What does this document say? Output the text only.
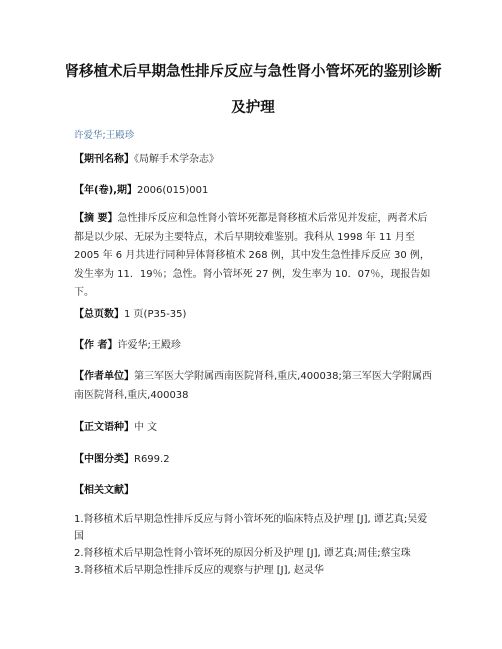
肾移植术后早期急性排斥反应与急性肾小管坏死的鉴别诊断及护理
许爱华;王殿珍
【期刊名称】《局解手术学杂志》
【年(卷),期】2006(015)001
【摘 要】急性排斥反应和急性肾小管坏死都是肾移植术后常见并发症，两者术后都是以少尿、无尿为主要特点，术后早期较难鉴别。我科从 1998 年 11 月至 2005 年 6 月共进行同种异体肾移植术 268 例，其中发生急性排斥反应 30 例，发生率为 11．19％；急性。肾小管坏死 27 例，发生率为 10．07％，现报告如下。
【总页数】1 页(P35-35)
【作 者】许爱华;王殿珍
【作者单位】第三军医大学附属西南医院肾科,重庆,400038;第三军医大学附属西南医院肾科,重庆,400038
【正文语种】中 文
【中图分类】R699.2
【相关文献】
1.肾移植术后早期急性排斥反应与肾小管坏死的临床特点及护理 [J], 谭艺真;吴爱国
2.肾移植术后早期急性肾小管坏死的原因分析及护理 [J], 谭艺真;周佳;蔡宝珠
3.肾移植术后早期急性排斥反应的观察与护理 [J], 赵灵华
